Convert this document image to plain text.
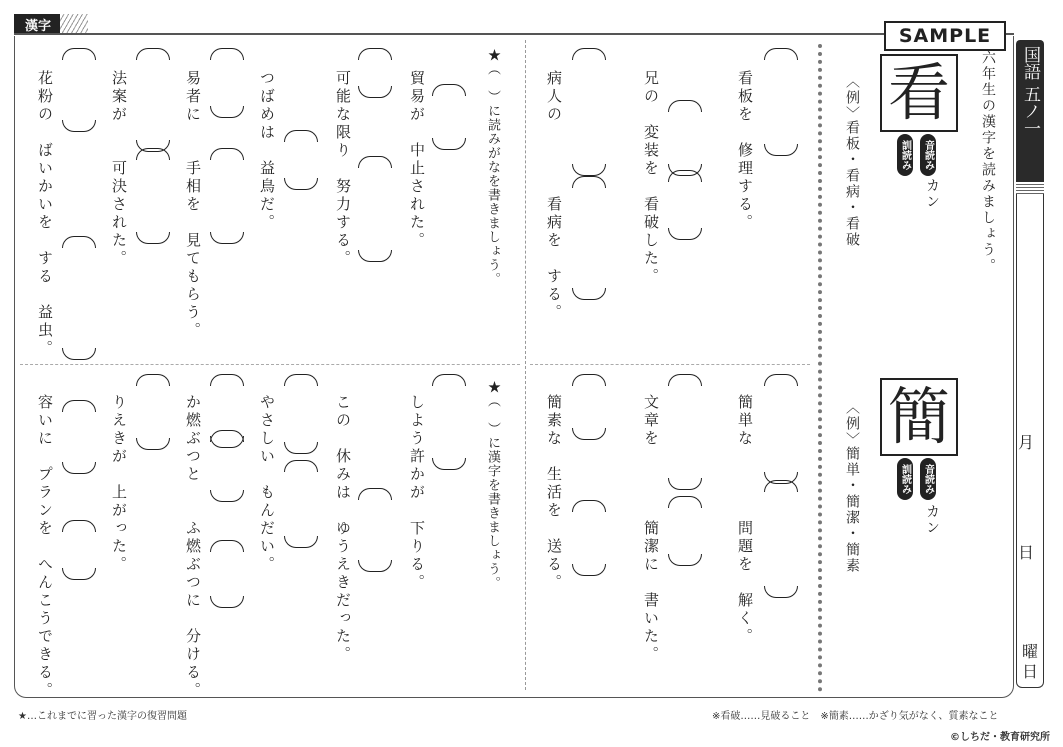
漢字	SAMPLE
国語 五ノ一
月
日
曜日
六年生の漢字を読みましょう。
看
音読み
訓読み
カン
〈例〉
看板・看病・看破
簡
音読み
訓読み
カン
〈例〉
簡単・簡潔・簡素
看板を　修理する。
兄の　変装を　看破した。
病人の　　　　看病を　する。
簡単な　　　　問題を　解く。
文章を　　　　簡潔に　書いた。
簡素な　生活を　送る。
★（　）に読みがなを書きましょう。
貿易が　中止された。
可能な限り　努力する。
つばめは　益鳥だ。
易者に　　手相を　見てもらう。
法案が　　可決された。
花粉の　ばいかいを　する　益虫。
★（　）に漢字を書きましょう。
しよう許かが　下りる。
この　休みは　ゆうえきだった。
やさしい　もんだい。
か燃ぶつと　　ふ燃ぶつに　分ける。
りえきが　上がった。
容いに　プランを　へんこうできる。
★…これまでに習った漢字の復習問題	※看破……見破ること　※簡素……かざり気がなく、質素なこと
©しちだ・教育研究所
